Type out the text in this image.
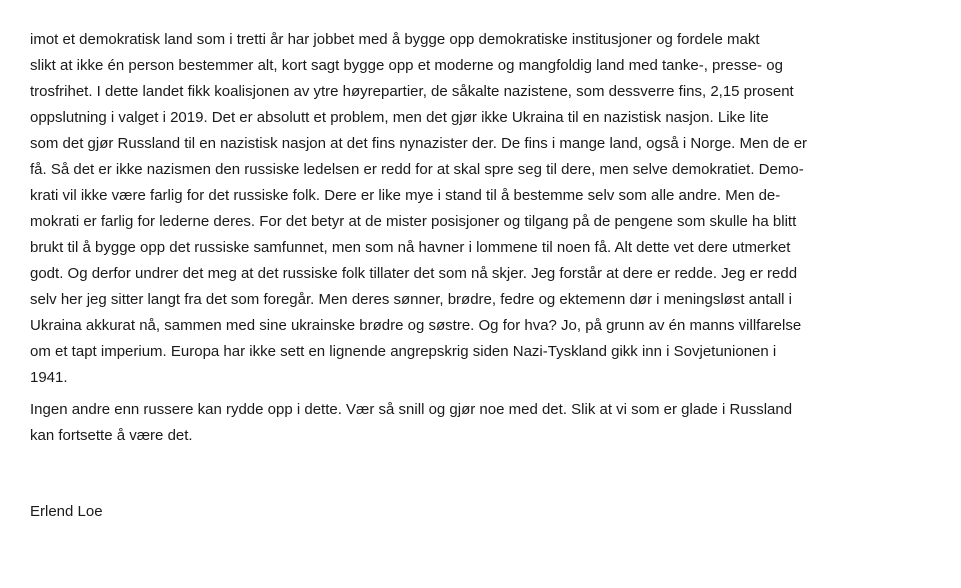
imot et demokratisk land som i tretti år har jobbet med å bygge opp demokratiske institusjoner og fordele makt
slikt at ikke én person bestemmer alt, kort sagt bygge opp et moderne og mangfoldig land med tanke-, presse- og
trosfrihet. I dette landet fikk koalisjonen av ytre høyrepartier, de såkalte nazistene, som dessverre fins, 2,15 prosent
oppslutning i valget i 2019. Det er absolutt et problem, men det gjør ikke Ukraina til en nazistisk nasjon. Like lite
som det gjør Russland til en nazistisk nasjon at det fins nynazister der. De fins i mange land, også i Norge. Men de er
få. Så det er ikke nazismen den russiske ledelsen er redd for at skal spre seg til dere, men selve demokratiet. Demo-
krati vil ikke være farlig for det russiske folk. Dere er like mye i stand til å bestemme selv som alle andre. Men de-
mokrati er farlig for lederne deres. For det betyr at de mister posisjoner og tilgang på de pengene som skulle ha blitt
brukt til å bygge opp det russiske samfunnet, men som nå havner i lommene til noen få. Alt dette vet dere utmerket
godt. Og derfor undrer det meg at det russiske folk tillater det som nå skjer. Jeg forstår at dere er redde. Jeg er redd
selv her jeg sitter langt fra det som foregår. Men deres sønner, brødre, fedre og ektemenn dør i meningsløst antall i
Ukraina akkurat nå, sammen med sine ukrainske brødre og søstre. Og for hva? Jo, på grunn av én manns villfarelse
om et tapt imperium. Europa har ikke sett en lignende angrepskrig siden Nazi-Tyskland gikk inn i Sovjetunionen i
1941.
Ingen andre enn russere kan rydde opp i dette. Vær så snill og gjør noe med det. Slik at vi som er glade i Russland
kan fortsette å være det.
Erlend Loe
